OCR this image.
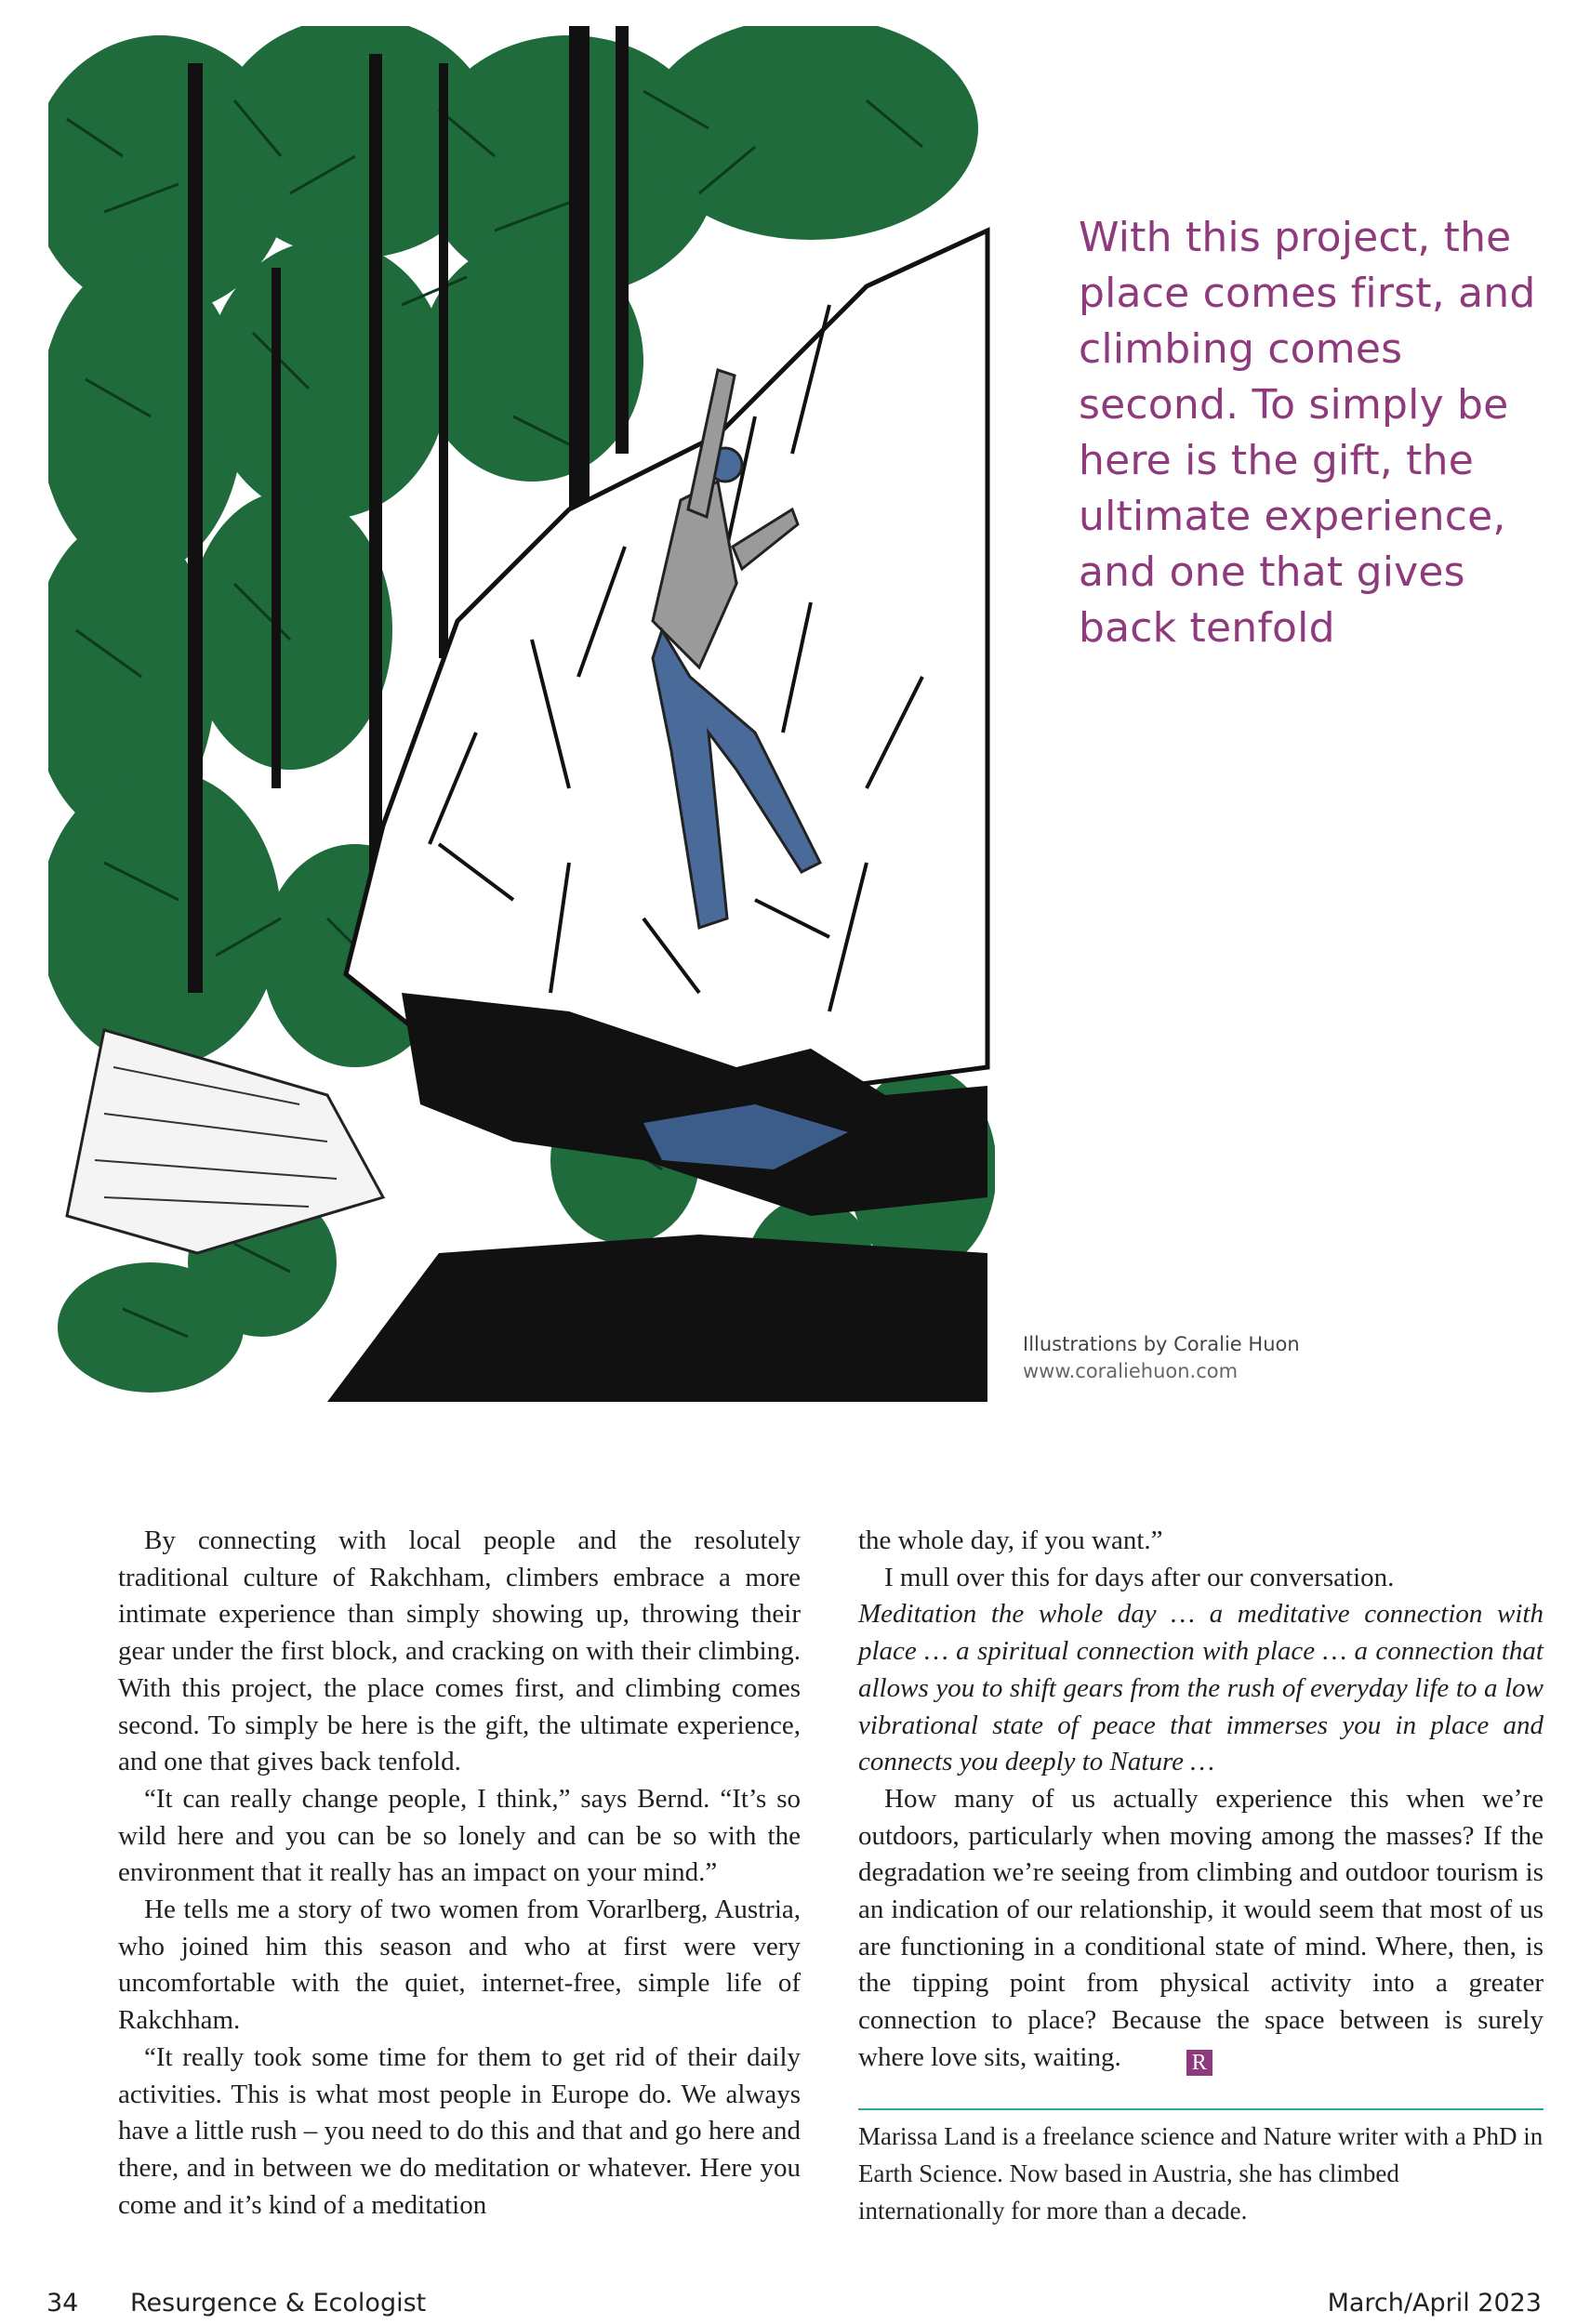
With this project, the place comes first, and climbing comes second. To simply be here is the gift, the ultimate experience, and one that gives back tenfold
Illustrations by Coralie Huon
www.coraliehuon.com

By connecting with local people and the resolutely traditional culture of Rakchham, climbers embrace a more intimate experience than simply showing up, throwing their gear under the first block, and cracking on with their climbing. With this project, the place comes first, and climbing comes second. To simply be here is the gift, the ultimate experience, and one that gives back tenfold.

“It can really change people, I think,” says Bernd. “It’s so wild here and you can be so lonely and can be so with the environment that it really has an impact on your mind.”

He tells me a story of two women from Vorarlberg, Austria, who joined him this season and who at first were very uncomfortable with the quiet, internet-free, simple life of Rakchham.

“It really took some time for them to get rid of their daily activities. This is what most people in Europe do. We always have a little rush – you need to do this and that and go here and there, and in between we do meditation or whatever. Here you come and it’s kind of a meditation

the whole day, if you want.”

I mull over this for days after our conversation.

Meditation the whole day … a meditative connection with place … a spiritual connection with place … a connection that allows you to shift gears from the rush of everyday life to a low vibrational state of peace that immerses you in place and connects you deeply to Nature …

How many of us actually experience this when we’re outdoors, particularly when moving among the masses? If the degradation we’re seeing from climbing and outdoor tourism is an indication of our relationship, it would seem that most of us are functioning in a conditional state of mind. Where, then, is the tipping point from physical activity into a greater connection to place? Because the space between is surely where love sits, waiting.	R

Marissa Land is a freelance science and Nature writer with a PhD in Earth Science. Now based in Austria, she has climbed internationally for more than a decade.
34 Resurgence & Ecologist	March/April 2023
